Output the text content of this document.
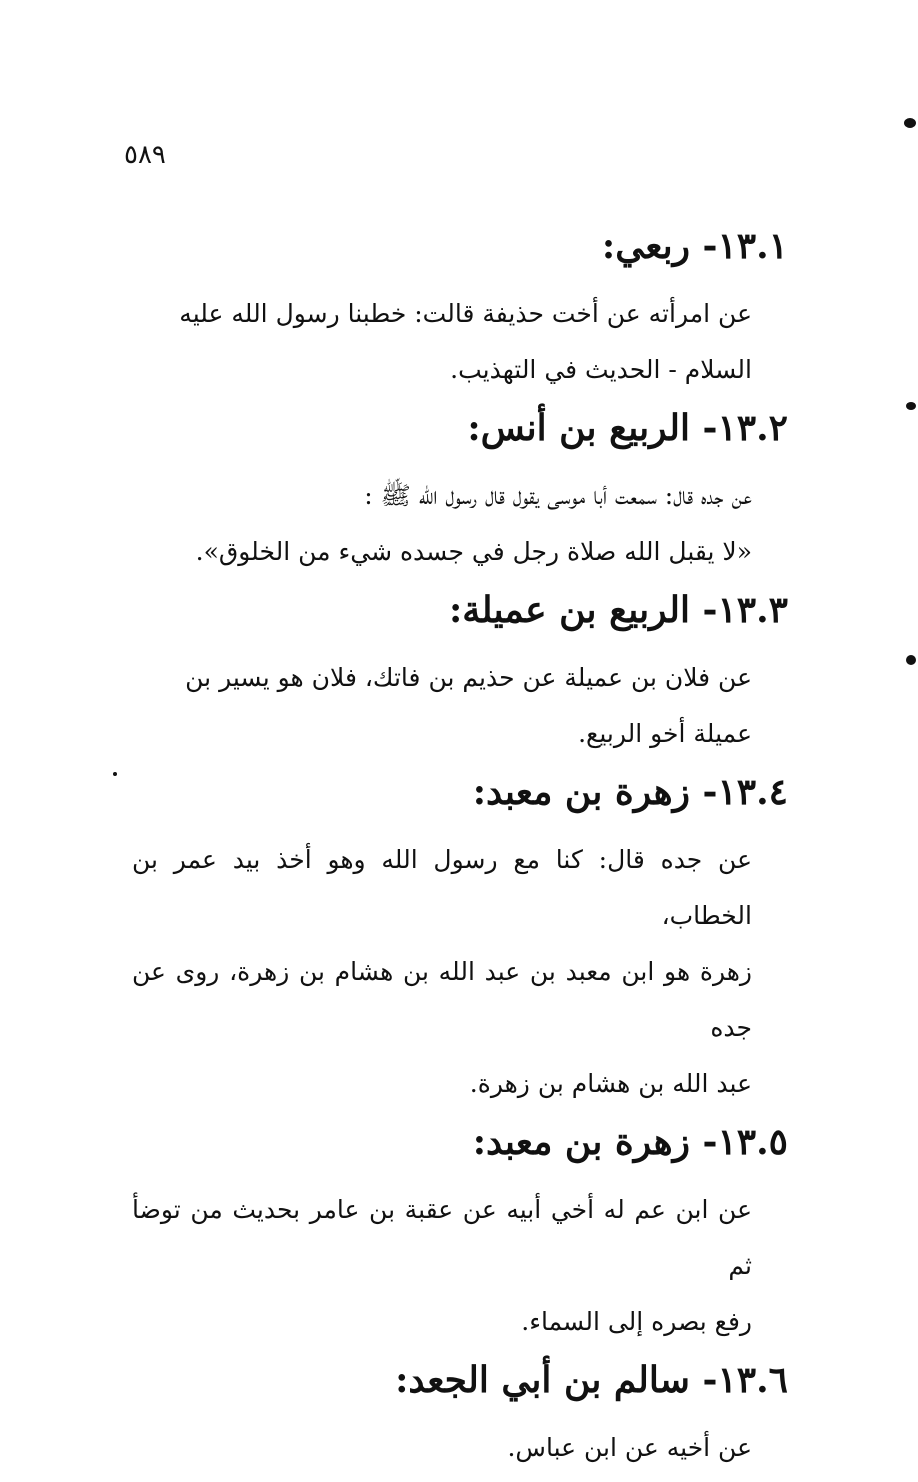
٥٨٩
١٣.١- ربعي:

عن امرأته عن أخت حذيفة قالت: خطبنا رسول الله عليه
السلام - الحديث في التهذيب.

١٣.٢- الربيع بن أنس:

عن جده قال: سمعت أبا موسى يقول قال رسول الله ﷺ :
«لا يقبل الله صلاة رجل في جسده شيء من الخلوق».

١٣.٣- الربيع بن عميلة:

عن فلان بن عميلة عن حذيم بن فاتك، فلان هو يسير بن
عميلة أخو الربيع.

١٣.٤- زهرة بن معبد:

عن جده قال: كنا مع رسول الله وهو أخذ بيد عمر بن الخطاب،
زهرة هو ابن معبد بن عبد الله بن هشام بن زهرة، روى عن جده
عبد الله بن هشام بن زهرة.

١٣.٥- زهرة بن معبد:

عن ابن عم له أخي أبيه عن عقبة بن عامر بحديث من توضأ ثم
رفع بصره إلى السماء.

١٣.٦- سالم بن أبي الجعد:

عن أخيه عن ابن عباس.
